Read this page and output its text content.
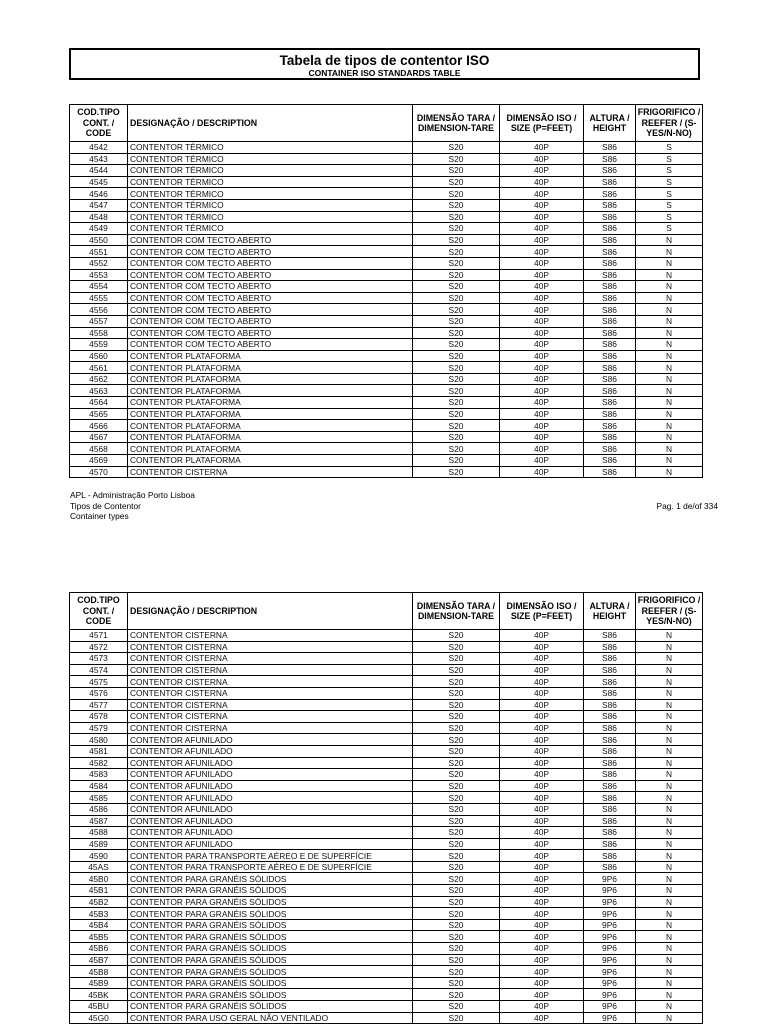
Tabela de tipos de contentor ISO
CONTAINER ISO STANDARDS TABLE
COD.TIPO CONT. / CODE	DESIGNAÇÃO / DESCRIPTION	DIMENSÃO TARA / DIMENSION-TARE	DIMENSÃO ISO / SIZE (P=FEET)	ALTURA / HEIGHT	FRIGORIFICO / REEFER / (S-YES/N-NO)
4542	CONTENTOR TÉRMICO	S20	40P	S86	S
4543	CONTENTOR TÉRMICO	S20	40P	S86	S
4544	CONTENTOR TÉRMICO	S20	40P	S86	S
4545	CONTENTOR TÉRMICO	S20	40P	S86	S
4546	CONTENTOR TÉRMICO	S20	40P	S86	S
4547	CONTENTOR TÉRMICO	S20	40P	S86	S
4548	CONTENTOR TÉRMICO	S20	40P	S86	S
4549	CONTENTOR TÉRMICO	S20	40P	S86	S
4550	CONTENTOR COM TECTO ABERTO	S20	40P	S86	N
4551	CONTENTOR COM TECTO ABERTO	S20	40P	S86	N
4552	CONTENTOR COM TECTO ABERTO	S20	40P	S86	N
4553	CONTENTOR COM TECTO ABERTO	S20	40P	S86	N
4554	CONTENTOR COM TECTO ABERTO	S20	40P	S86	N
4555	CONTENTOR COM TECTO ABERTO	S20	40P	S86	N
4556	CONTENTOR COM TECTO ABERTO	S20	40P	S86	N
4557	CONTENTOR COM TECTO ABERTO	S20	40P	S86	N
4558	CONTENTOR COM TECTO ABERTO	S20	40P	S86	N
4559	CONTENTOR COM TECTO ABERTO	S20	40P	S86	N
4560	CONTENTOR PLATAFORMA	S20	40P	S86	N
4561	CONTENTOR PLATAFORMA	S20	40P	S86	N
4562	CONTENTOR PLATAFORMA	S20	40P	S86	N
4563	CONTENTOR PLATAFORMA	S20	40P	S86	N
4564	CONTENTOR PLATAFORMA	S20	40P	S86	N
4565	CONTENTOR PLATAFORMA	S20	40P	S86	N
4566	CONTENTOR PLATAFORMA	S20	40P	S86	N
4567	CONTENTOR PLATAFORMA	S20	40P	S86	N
4568	CONTENTOR PLATAFORMA	S20	40P	S86	N
4569	CONTENTOR PLATAFORMA	S20	40P	S86	N
4570	CONTENTOR CISTERNA	S20	40P	S86	N
APL - Administração Porto Lisboa
Tipos de Contentor
Container types
Pag. 1 de/of 334
COD.TIPO CONT. / CODE	DESIGNAÇÃO / DESCRIPTION	DIMENSÃO TARA / DIMENSION-TARE	DIMENSÃO ISO / SIZE (P=FEET)	ALTURA / HEIGHT	FRIGORIFICO / REEFER / (S-YES/N-NO)
4571	CONTENTOR CISTERNA	S20	40P	S86	N
4572	CONTENTOR CISTERNA	S20	40P	S86	N
4573	CONTENTOR CISTERNA	S20	40P	S86	N
4574	CONTENTOR CISTERNA	S20	40P	S86	N
4575	CONTENTOR CISTERNA	S20	40P	S86	N
4576	CONTENTOR CISTERNA	S20	40P	S86	N
4577	CONTENTOR CISTERNA	S20	40P	S86	N
4578	CONTENTOR CISTERNA	S20	40P	S86	N
4579	CONTENTOR CISTERNA	S20	40P	S86	N
4580	CONTENTOR AFUNILADO	S20	40P	S86	N
4581	CONTENTOR AFUNILADO	S20	40P	S86	N
4582	CONTENTOR AFUNILADO	S20	40P	S86	N
4583	CONTENTOR AFUNILADO	S20	40P	S86	N
4584	CONTENTOR AFUNILADO	S20	40P	S86	N
4585	CONTENTOR AFUNILADO	S20	40P	S86	N
4586	CONTENTOR AFUNILADO	S20	40P	S86	N
4587	CONTENTOR AFUNILADO	S20	40P	S86	N
4588	CONTENTOR AFUNILADO	S20	40P	S86	N
4589	CONTENTOR AFUNILADO	S20	40P	S86	N
4590	CONTENTOR PARA TRANSPORTE AÉREO E DE SUPERFÍCIE	S20	40P	S86	N
45AS	CONTENTOR PARA TRANSPORTE AÉREO E DE SUPERFÍCIE	S20	40P	S86	N
45B0	CONTENTOR PARA GRANÉIS SÓLIDOS	S20	40P	9P6	N
45B1	CONTENTOR PARA GRANÉIS SÓLIDOS	S20	40P	9P6	N
45B2	CONTENTOR PARA GRANÉIS SÓLIDOS	S20	40P	9P6	N
45B3	CONTENTOR PARA GRANÉIS SÓLIDOS	S20	40P	9P6	N
45B4	CONTENTOR PARA GRANÉIS SÓLIDOS	S20	40P	9P6	N
45B5	CONTENTOR PARA GRANÉIS SÓLIDOS	S20	40P	9P6	N
45B6	CONTENTOR PARA GRANÉIS SÓLIDOS	S20	40P	9P6	N
45B7	CONTENTOR PARA GRANÉIS SÓLIDOS	S20	40P	9P6	N
45B8	CONTENTOR PARA GRANÉIS SÓLIDOS	S20	40P	9P6	N
45B9	CONTENTOR PARA GRANÉIS SÓLIDOS	S20	40P	9P6	N
45BK	CONTENTOR PARA GRANÉIS SÓLIDOS	S20	40P	9P6	N
45BU	CONTENTOR PARA GRANÉIS SÓLIDOS	S20	40P	9P6	N
45G0	CONTENTOR PARA USO GERAL NÃO VENTILADO	S20	40P	9P6	N
